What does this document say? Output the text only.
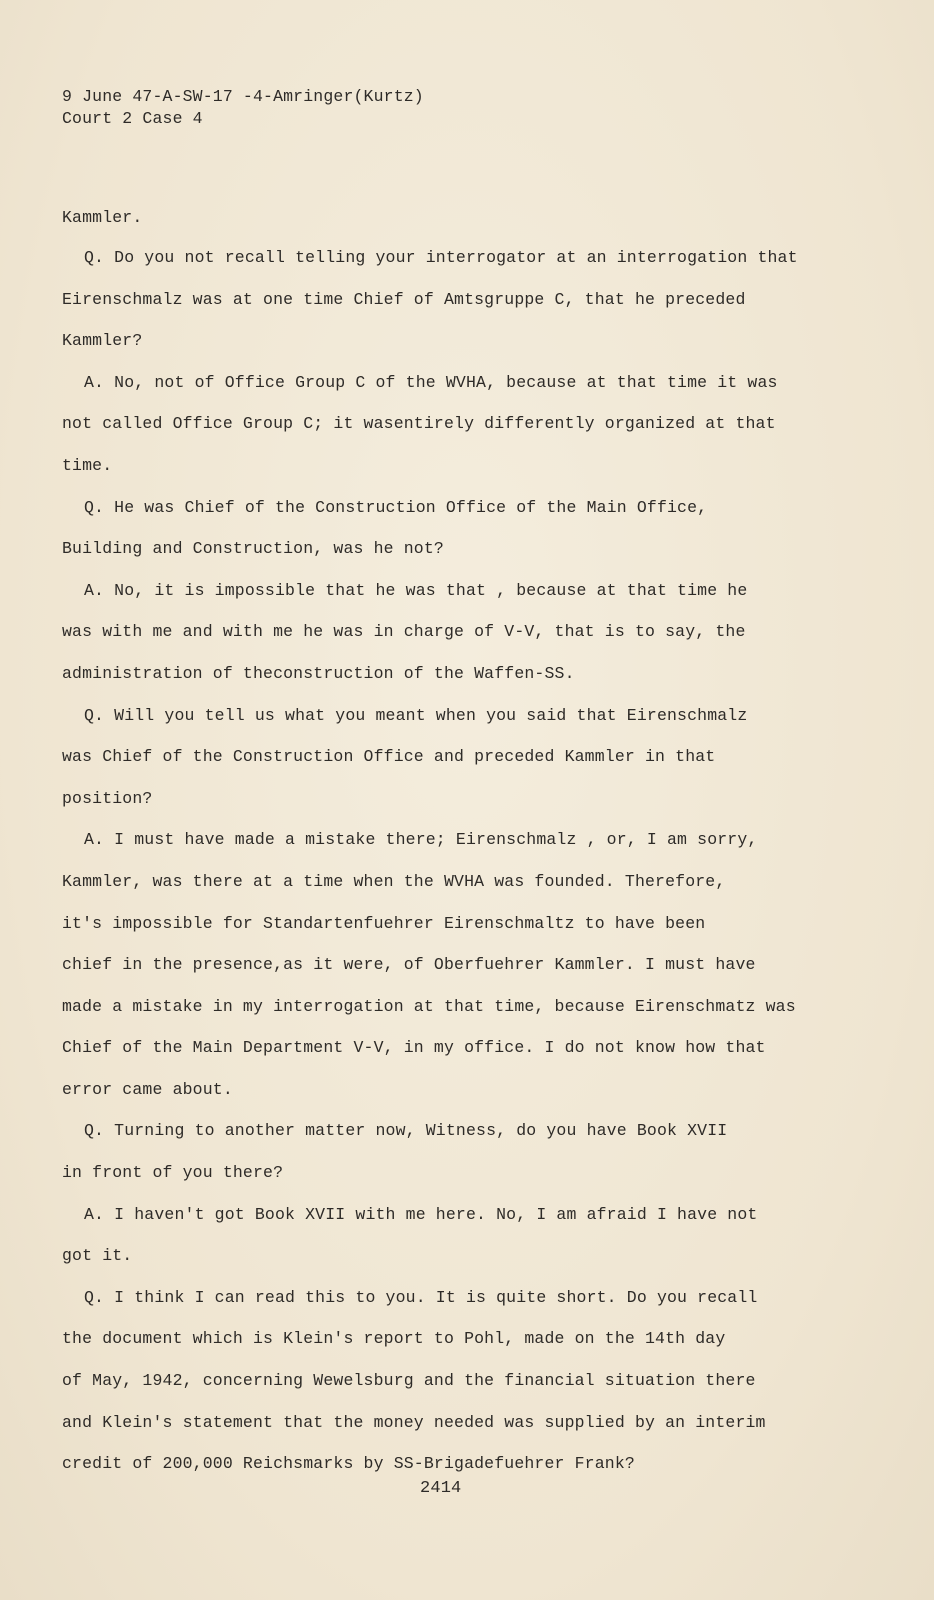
9 June 47-A-SW-17 -4-Amringer(Kurtz)
Court 2 Case 4
Kammler.
Q. Do you not recall telling your interrogator at an interrogation that
Eirenschmalz was at one time Chief of Amtsgruppe C, that he preceded
Kammler?
A. No, not of Office Group C of the WVHA, because at that time it was
not called Office Group C; it wasentirely differently organized at that
time.
Q. He was Chief of the Construction Office of the Main Office,
Building and Construction, was he not?
A. No, it is impossible that he was that , because at that time he
was with me and with me he was in charge of V-V, that is to say, the
administration of theconstruction of the Waffen-SS.
Q. Will you tell us what you meant when you said that Eirenschmalz
was Chief of the Construction Office and preceded Kammler in that
position?
A. I must have made a mistake there; Eirenschmalz , or, I am sorry,
Kammler, was there at a time when the WVHA was founded. Therefore,
it's impossible for Standartenfuehrer Eirenschmaltz to have been
chief in the presence,as it were, of Oberfuehrer Kammler. I must have
made a mistake in my interrogation at that time, because Eirenschmatz was
Chief of the Main Department V-V, in my office. I do not know how that
error came about.
Q. Turning to another matter now, Witness, do you have Book XVII
in front of you there?
A. I haven't got Book XVII with me here. No, I am afraid I have not
got it.
Q. I think I can read this to you. It is quite short. Do you recall
the document which is Klein's report to Pohl, made on the 14th day
of May, 1942, concerning Wewelsburg and the financial situation there
and Klein's statement that the money needed was supplied by an interim
credit of 200,000 Reichsmarks by SS-Brigadefuehrer Frank?
2414
